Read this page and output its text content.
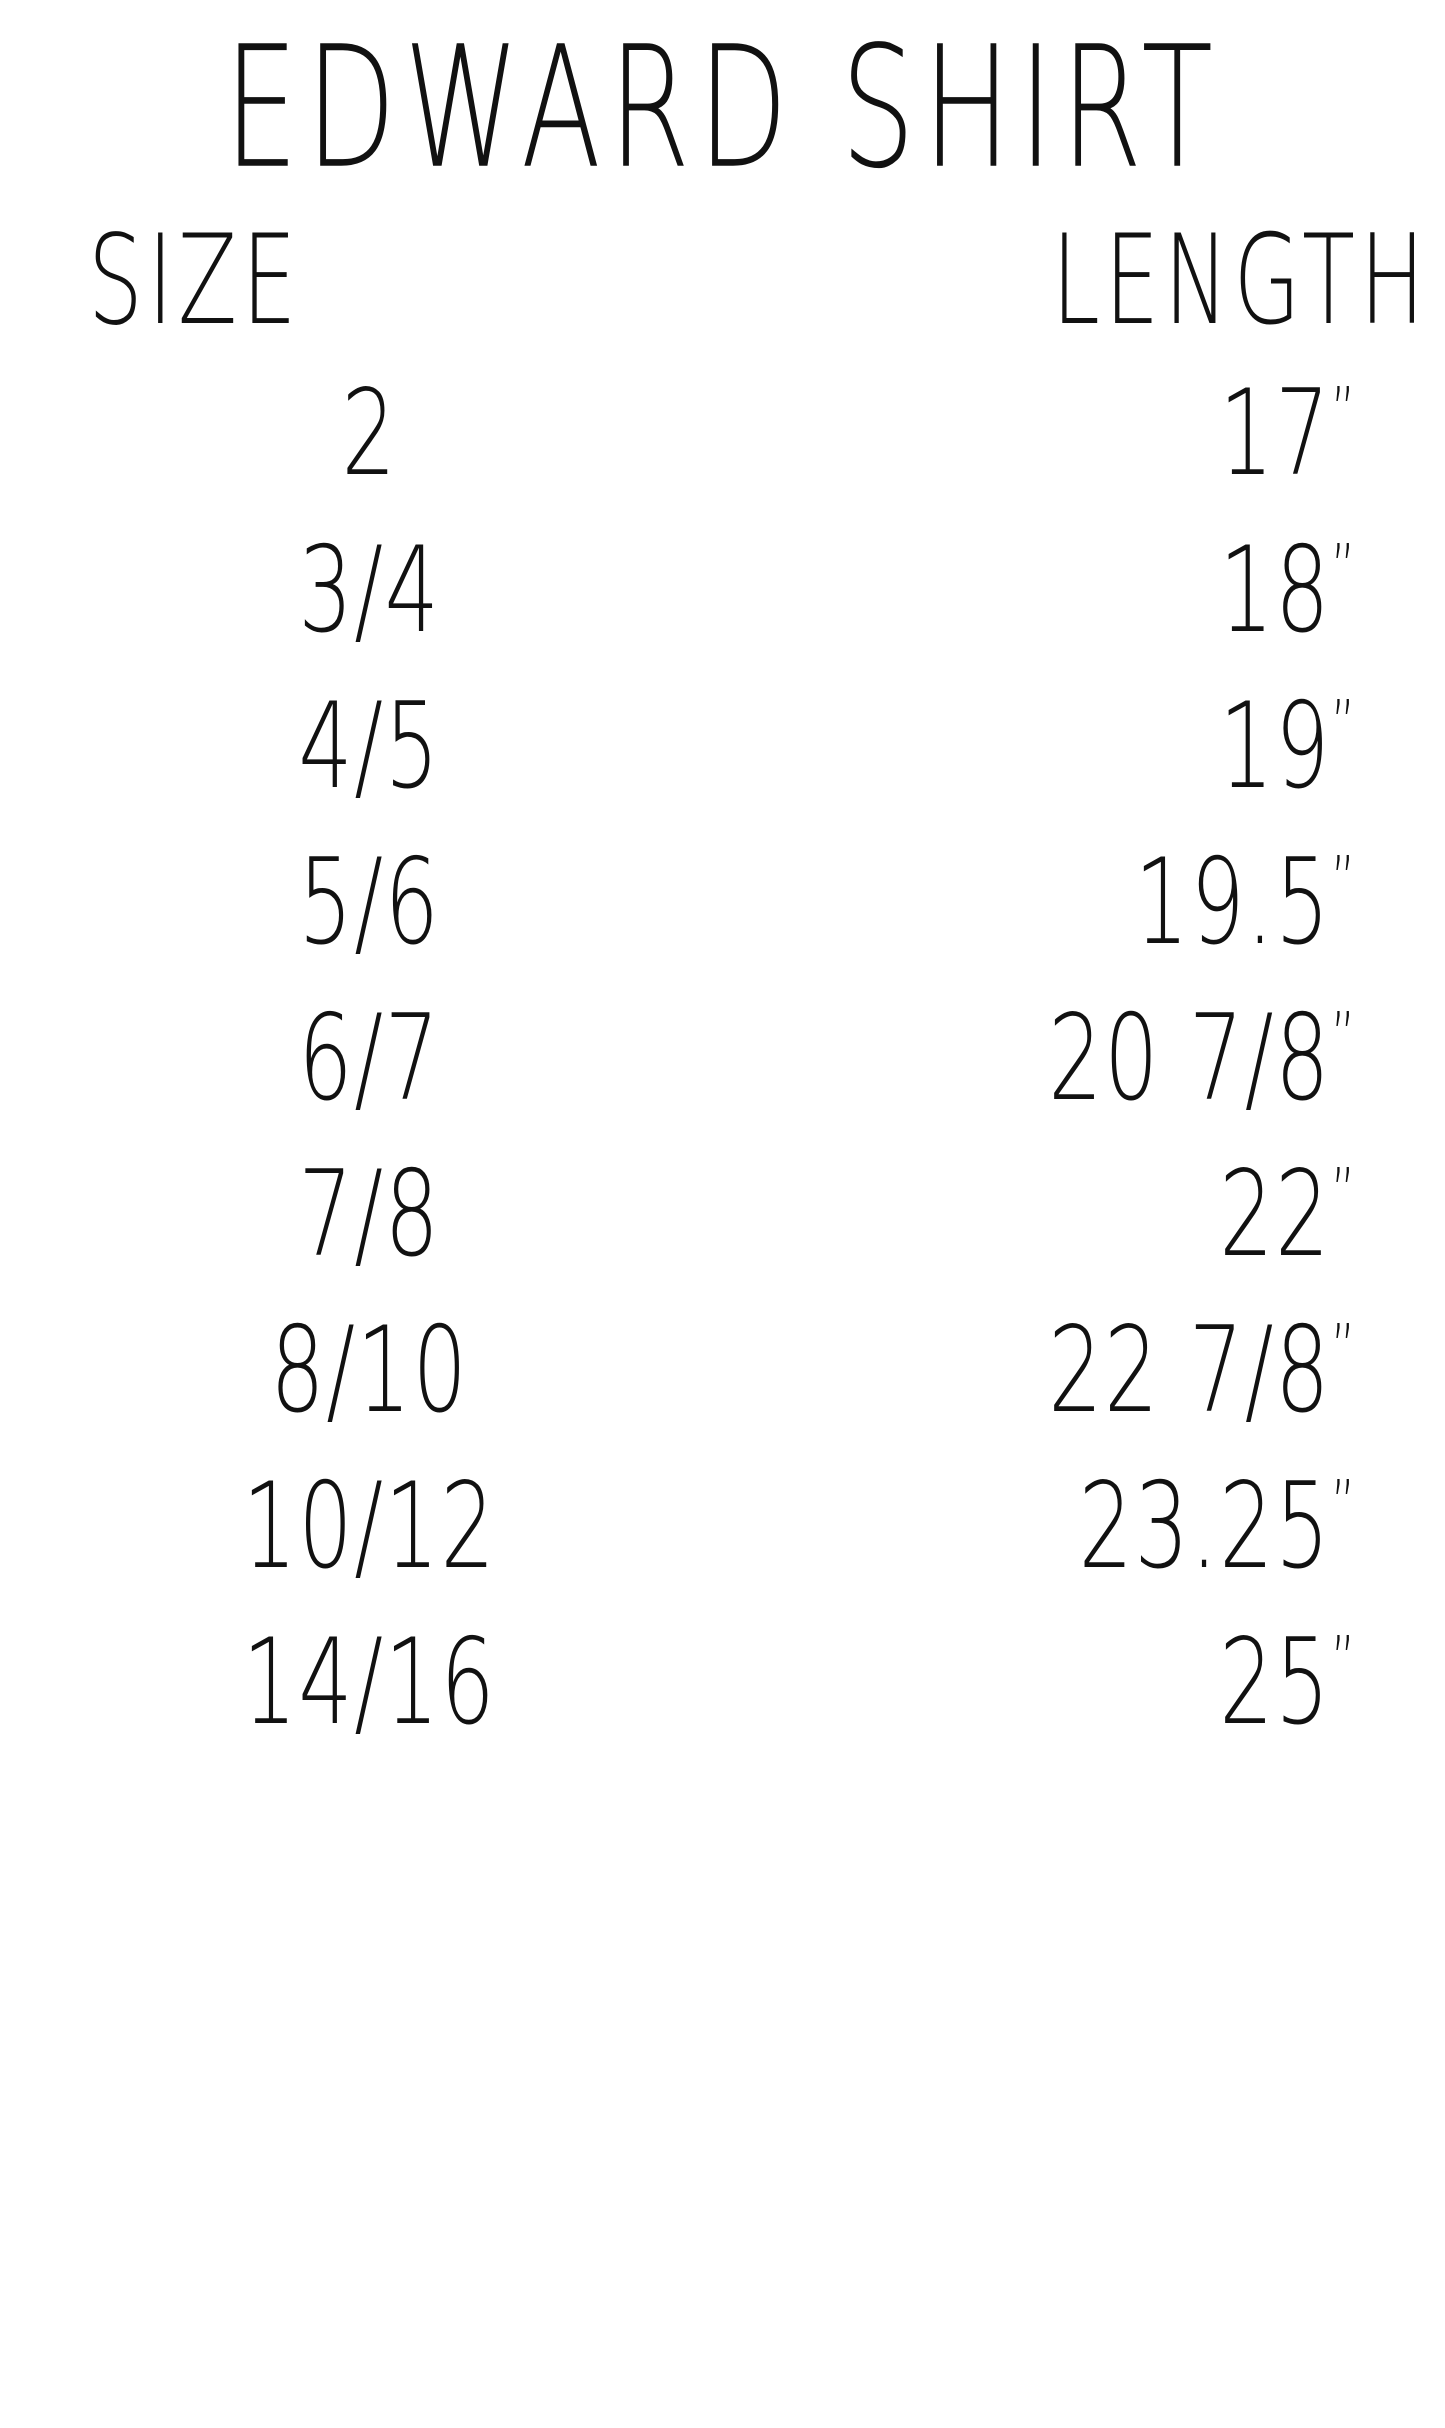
EDWARD SHIRT
SIZE	LENGTH
2	17”
3/4	18”
4/5	19”
5/6	19.5”
6/7	20 7/8”
7/8	22”
8/10	22 7/8”
10/12	23.25”
14/16	25”
